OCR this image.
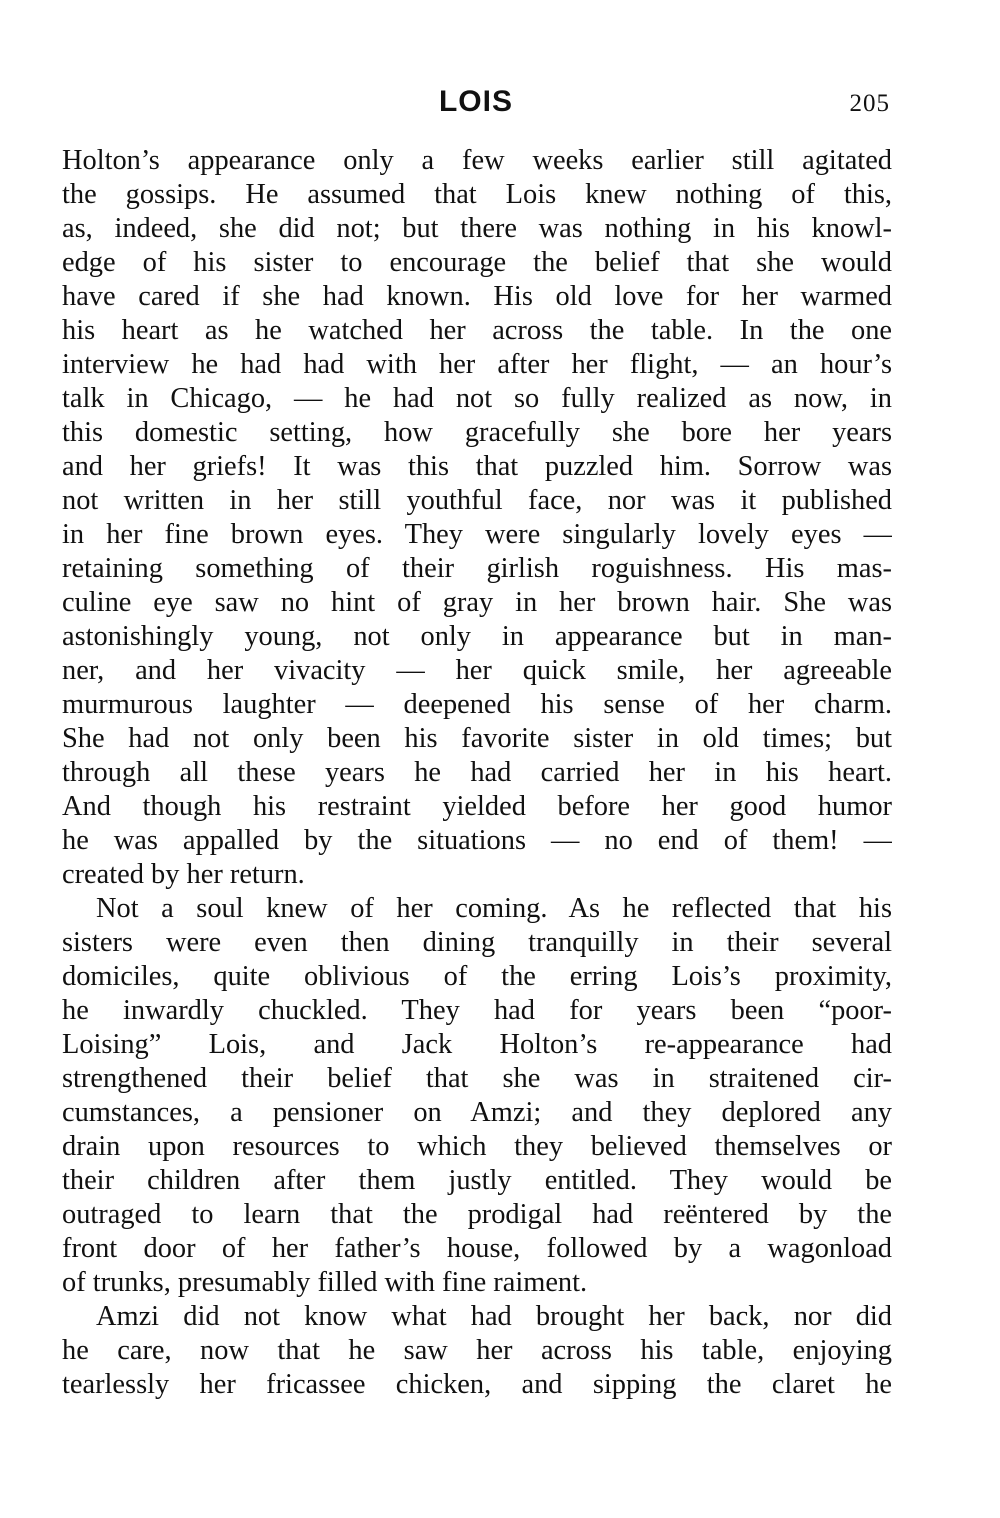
LOIS	205
Holton’s appearance only a few weeks earlier still agitated
the gossips. He assumed that Lois knew nothing of this,
as, indeed, she did not; but there was nothing in his knowl-
edge of his sister to encourage the belief that she would
have cared if she had known. His old love for her warmed
his heart as he watched her across the table. In the one
interview he had had with her after her flight, — an hour’s
talk in Chicago, — he had not so fully realized as now, in
this domestic setting, how gracefully she bore her years
and her griefs! It was this that puzzled him. Sorrow was
not written in her still youthful face, nor was it published
in her fine brown eyes. They were singularly lovely eyes —
retaining something of their girlish roguishness. His mas-
culine eye saw no hint of gray in her brown hair. She was
astonishingly young, not only in appearance but in man-
ner, and her vivacity — her quick smile, her agreeable
murmurous laughter — deepened his sense of her charm.
She had not only been his favorite sister in old times; but
through all these years he had carried her in his heart.
And though his restraint yielded before her good humor
he was appalled by the situations — no end of them! —
created by her return.
Not a soul knew of her coming. As he reflected that his
sisters were even then dining tranquilly in their several
domiciles, quite oblivious of the erring Lois’s proximity,
he inwardly chuckled. They had for years been “poor-
Loising” Lois, and Jack Holton’s re-appearance had
strengthened their belief that she was in straitened cir-
cumstances, a pensioner on Amzi; and they deplored any
drain upon resources to which they believed themselves or
their children after them justly entitled. They would be
outraged to learn that the prodigal had reëntered by the
front door of her father’s house, followed by a wagonload
of trunks, presumably filled with fine raiment.
Amzi did not know what had brought her back, nor did
he care, now that he saw her across his table, enjoying
tearlessly her fricassee chicken, and sipping the claret he
